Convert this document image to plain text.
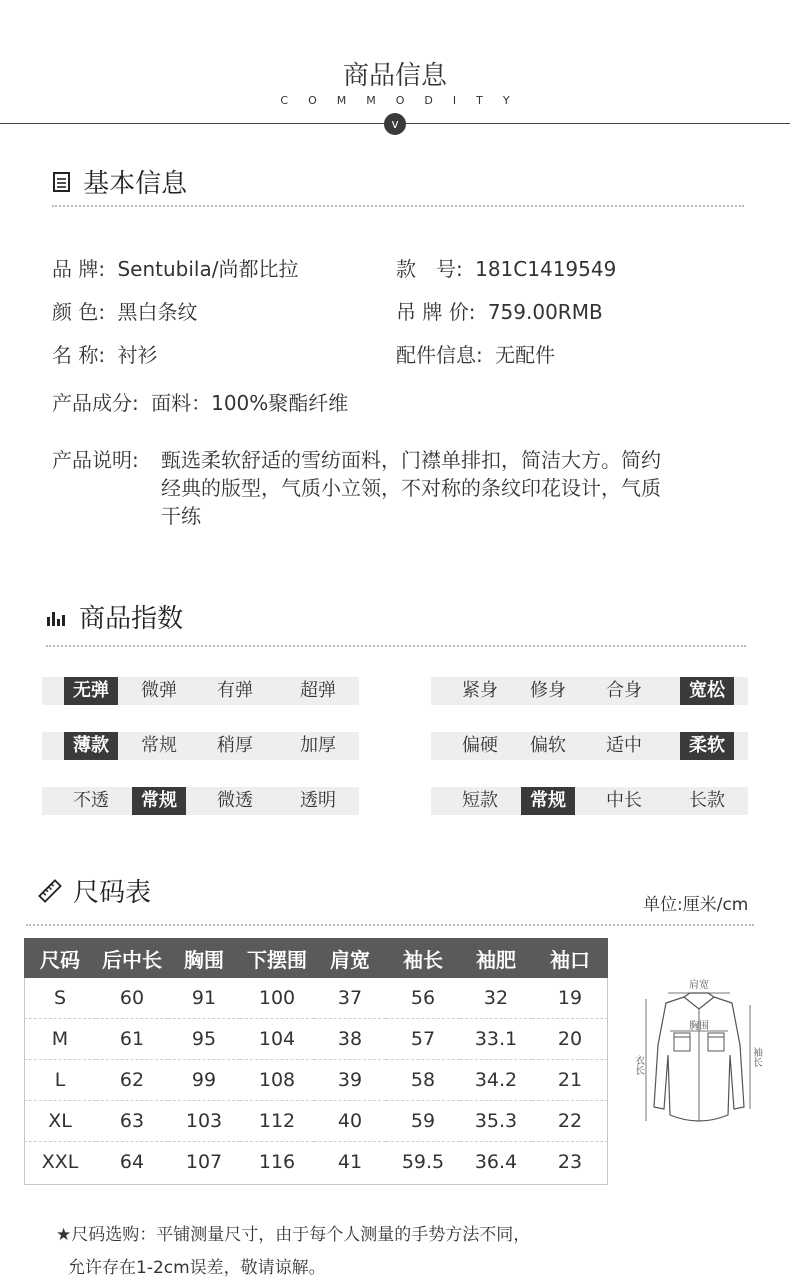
商品信息
COMMODITY
v
基本信息
品 牌: Sentubila/尚都比拉	款　号: 181C1419549
颜 色: 黑白条纹	吊 牌 价: 759.00RMB
名 称: 衬衫	配件信息: 无配件
产品成分: 面料：100%聚酯纤维
产品说明: 甄选柔软舒适的雪纺面料，门襟单排扣，简洁大方。简约
经典的版型，气质小立领，不对称的条纹印花设计，气质
干练
商品指数
无弹	微弹	有弹	超弹	紧身	修身	合身	宽松
薄款	常规	稍厚	加厚	偏硬	偏软	适中	柔软
不透	常规	微透	透明	短款	常规	中长	长款
尺码表	单位:厘米/cm
尺码	后中长	胸围	下摆围	肩宽	袖长	袖肥	袖口
S	60	91	100	37	56	32	19
M	61	95	104	38	57	33.1	20
L	62	99	108	39	58	34.2	21
XL	63	103	112	40	59	35.3	22
XXL	64	107	116	41	59.5	36.4	23
肩宽
胸围
衣长	袖长
★尺码选购：平铺测量尺寸，由于每个人测量的手势方法不同，
允许存在1-2cm误差，敬请谅解。
